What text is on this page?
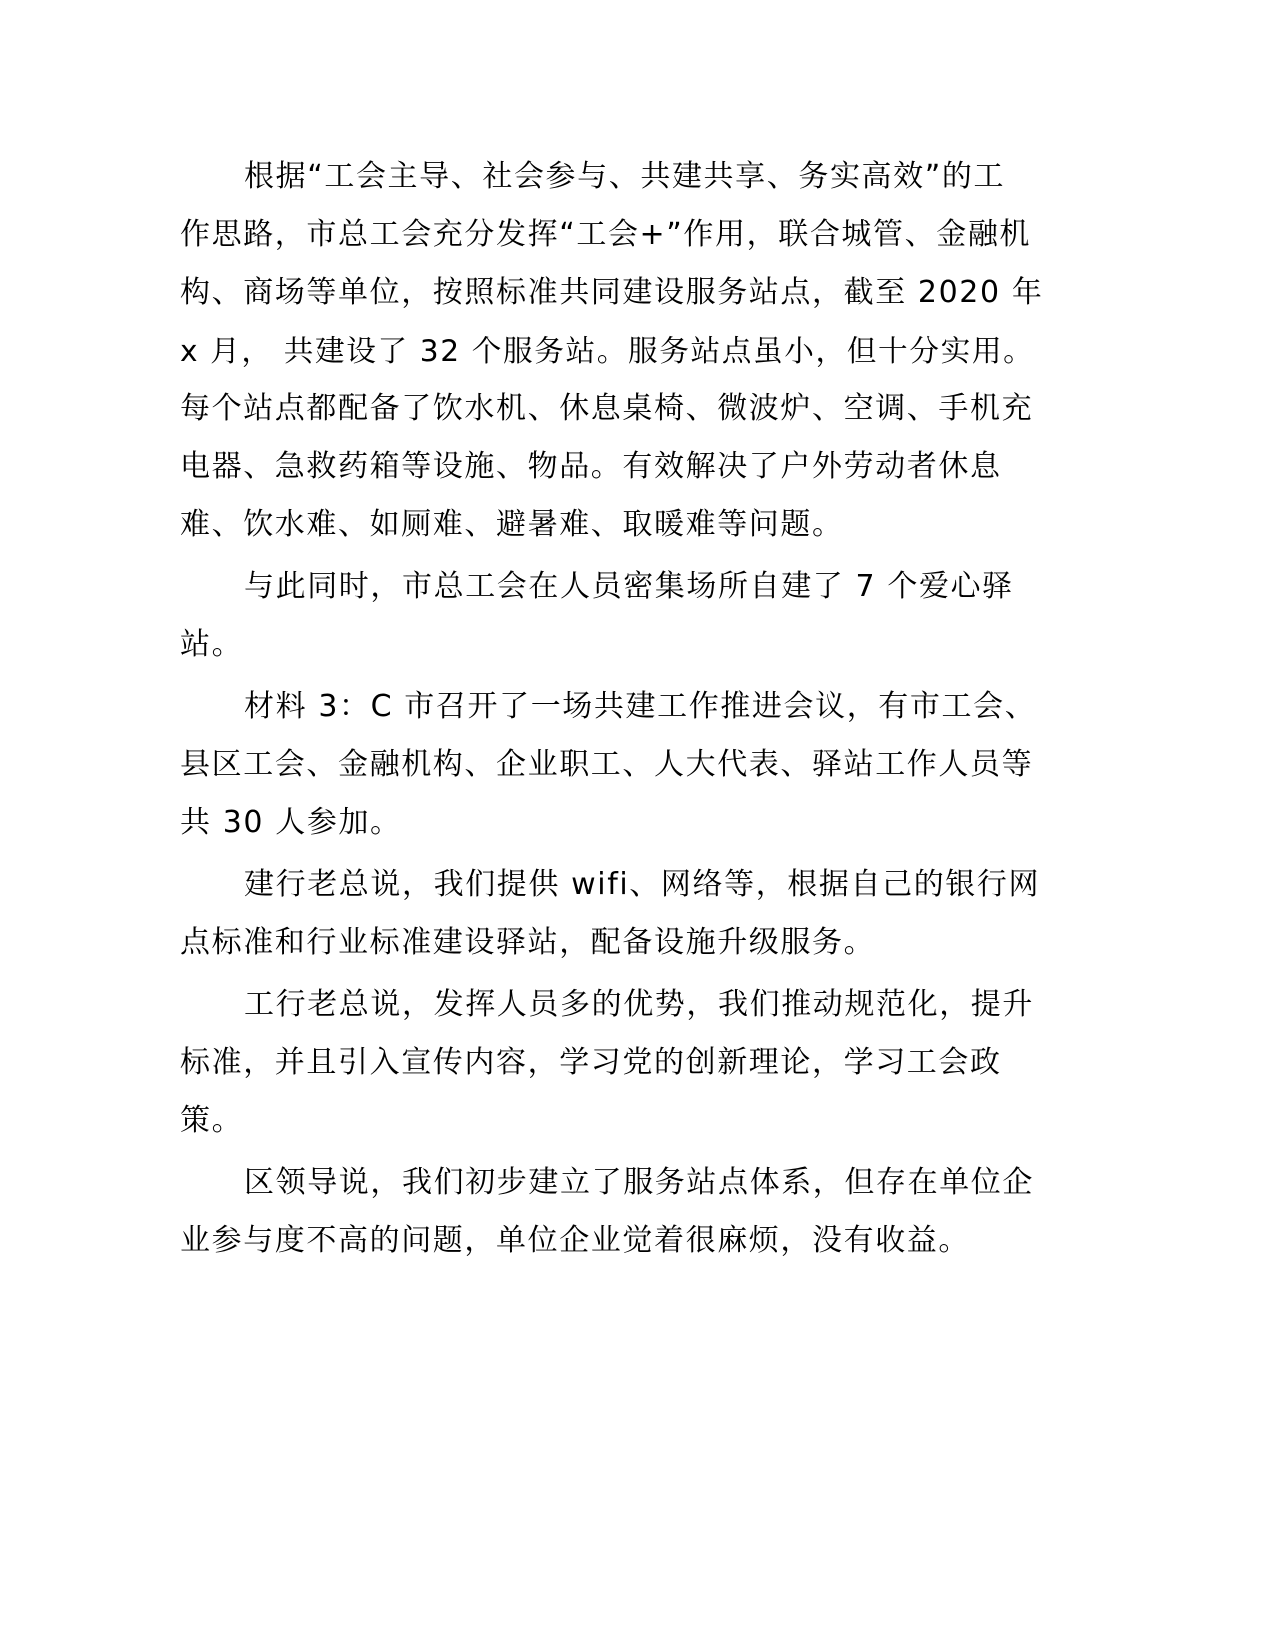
根据“工会主导、社会参与、共建共享、务实高效”的工
作思路，市总工会充分发挥“工会+”作用，联合城管、金融机
构、商场等单位，按照标准共同建设服务站点，截至 2020 年
x 月， 共建设了 32 个服务站。服务站点虽小，但十分实用。
每个站点都配备了饮水机、休息桌椅、微波炉、空调、手机充
电器、急救药箱等设施、物品。有效解决了户外劳动者休息
难、饮水难、如厕难、避暑难、取暖难等问题。
与此同时，市总工会在人员密集场所自建了 7 个爱心驿
站。
材料 3：C 市召开了一场共建工作推进会议，有市工会、
县区工会、金融机构、企业职工、人大代表、驿站工作人员等
共 30 人参加。
建行老总说，我们提供 wifi、网络等，根据自己的银行网
点标准和行业标准建设驿站，配备设施升级服务。
工行老总说，发挥人员多的优势，我们推动规范化，提升
标准，并且引入宣传内容，学习党的创新理论，学习工会政
策。
区领导说，我们初步建立了服务站点体系，但存在单位企
业参与度不高的问题，单位企业觉着很麻烦，没有收益。
